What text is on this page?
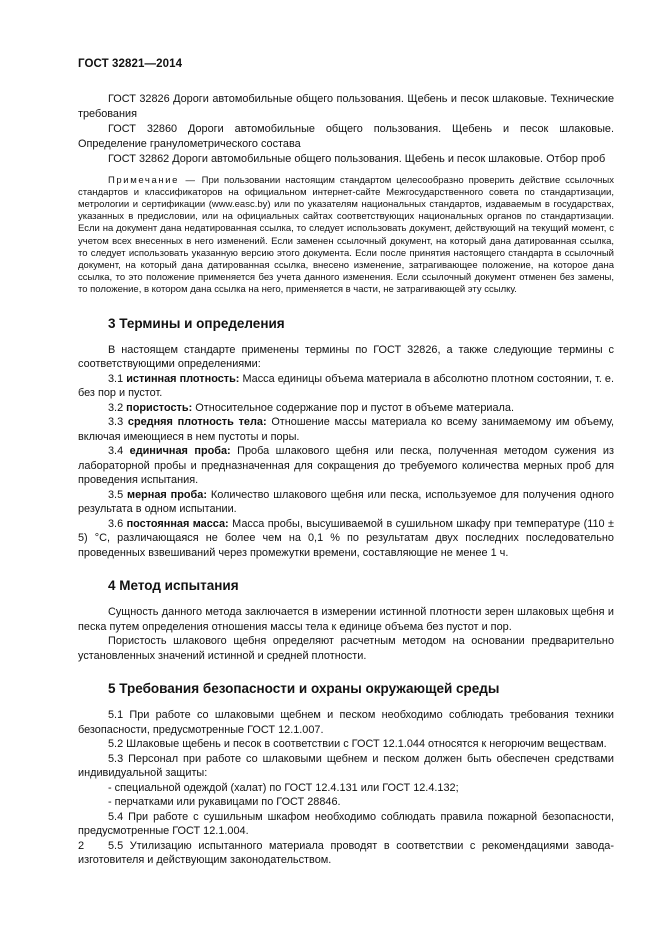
ГОСТ 32821—2014

ГОСТ 32826 Дороги автомобильные общего пользования. Щебень и песок шлаковые. Технические требования

ГОСТ 32860 Дороги автомобильные общего пользования. Щебень и песок шлаковые. Определение гранулометрического состава

ГОСТ 32862 Дороги автомобильные общего пользования. Щебень и песок шлаковые. Отбор проб

Примечание — При пользовании настоящим стандартом целесообразно проверить действие ссылочных стандартов и классификаторов на официальном интернет-сайте Межгосударственного совета по стандартизации, метрологии и сертификации (www.easc.by) или по указателям национальных стандартов, издаваемым в государствах, указанных в предисловии, или на официальных сайтах соответствующих национальных органов по стандартизации. Если на документ дана недатированная ссылка, то следует использовать документ, действующий на текущий момент, с учетом всех внесенных в него изменений. Если заменен ссылочный документ, на который дана датированная ссылка, то следует использовать указанную версию этого документа. Если после принятия настоящего стандарта в ссылочный документ, на который дана датированная ссылка, внесено изменение, затрагивающее положение, на которое дана ссылка, то это положение применяется без учета данного изменения. Если ссылочный документ отменен без замены, то положение, в котором дана ссылка на него, применяется в части, не затрагивающей эту ссылку.
3 Термины и определения

В настоящем стандарте применены термины по ГОСТ 32826, а также следующие термины с соответствующими определениями:

3.1 истинная плотность: Масса единицы объема материала в абсолютно плотном состоянии, т. е. без пор и пустот.

3.2 пористость: Относительное содержание пор и пустот в объеме материала.

3.3 средняя плотность тела: Отношение массы материала ко всему занимаемому им объему, включая имеющиеся в нем пустоты и поры.

3.4 единичная проба: Проба шлакового щебня или песка, полученная методом сужения из лабораторной пробы и предназначенная для сокращения до требуемого количества мерных проб для проведения испытания.

3.5 мерная проба: Количество шлакового щебня или песка, используемое для получения одного результата в одном испытании.

3.6 постоянная масса: Масса пробы, высушиваемой в сушильном шкафу при температуре (110 ± 5) °С, различающаяся не более чем на 0,1 % по результатам двух последних последовательно проведенных взвешиваний через промежутки времени, составляющие не менее 1 ч.

4 Метод испытания

Сущность данного метода заключается в измерении истинной плотности зерен шлаковых щебня и песка путем определения отношения массы тела к единице объема без пустот и пор.

Пористость шлакового щебня определяют расчетным методом на основании предварительно установленных значений истинной и средней плотности.

5 Требования безопасности и охраны окружающей среды

5.1 При работе со шлаковыми щебнем и песком необходимо соблюдать требования техники безопасности, предусмотренные ГОСТ 12.1.007.

5.2 Шлаковые щебень и песок в соответствии с ГОСТ 12.1.044 относятся к негорючим веществам.

5.3 Персонал при работе со шлаковыми щебнем и песком должен быть обеспечен средствами индивидуальной защиты:

- специальной одеждой (халат) по ГОСТ 12.4.131 или ГОСТ 12.4.132;

- перчатками или рукавицами по ГОСТ 28846.

5.4 При работе с сушильным шкафом необходимо соблюдать правила пожарной безопасности, предусмотренные ГОСТ 12.1.004.

5.5 Утилизацию испытанного материала проводят в соответствии с рекомендациями завода-изготовителя и действующим законодательством.

2
